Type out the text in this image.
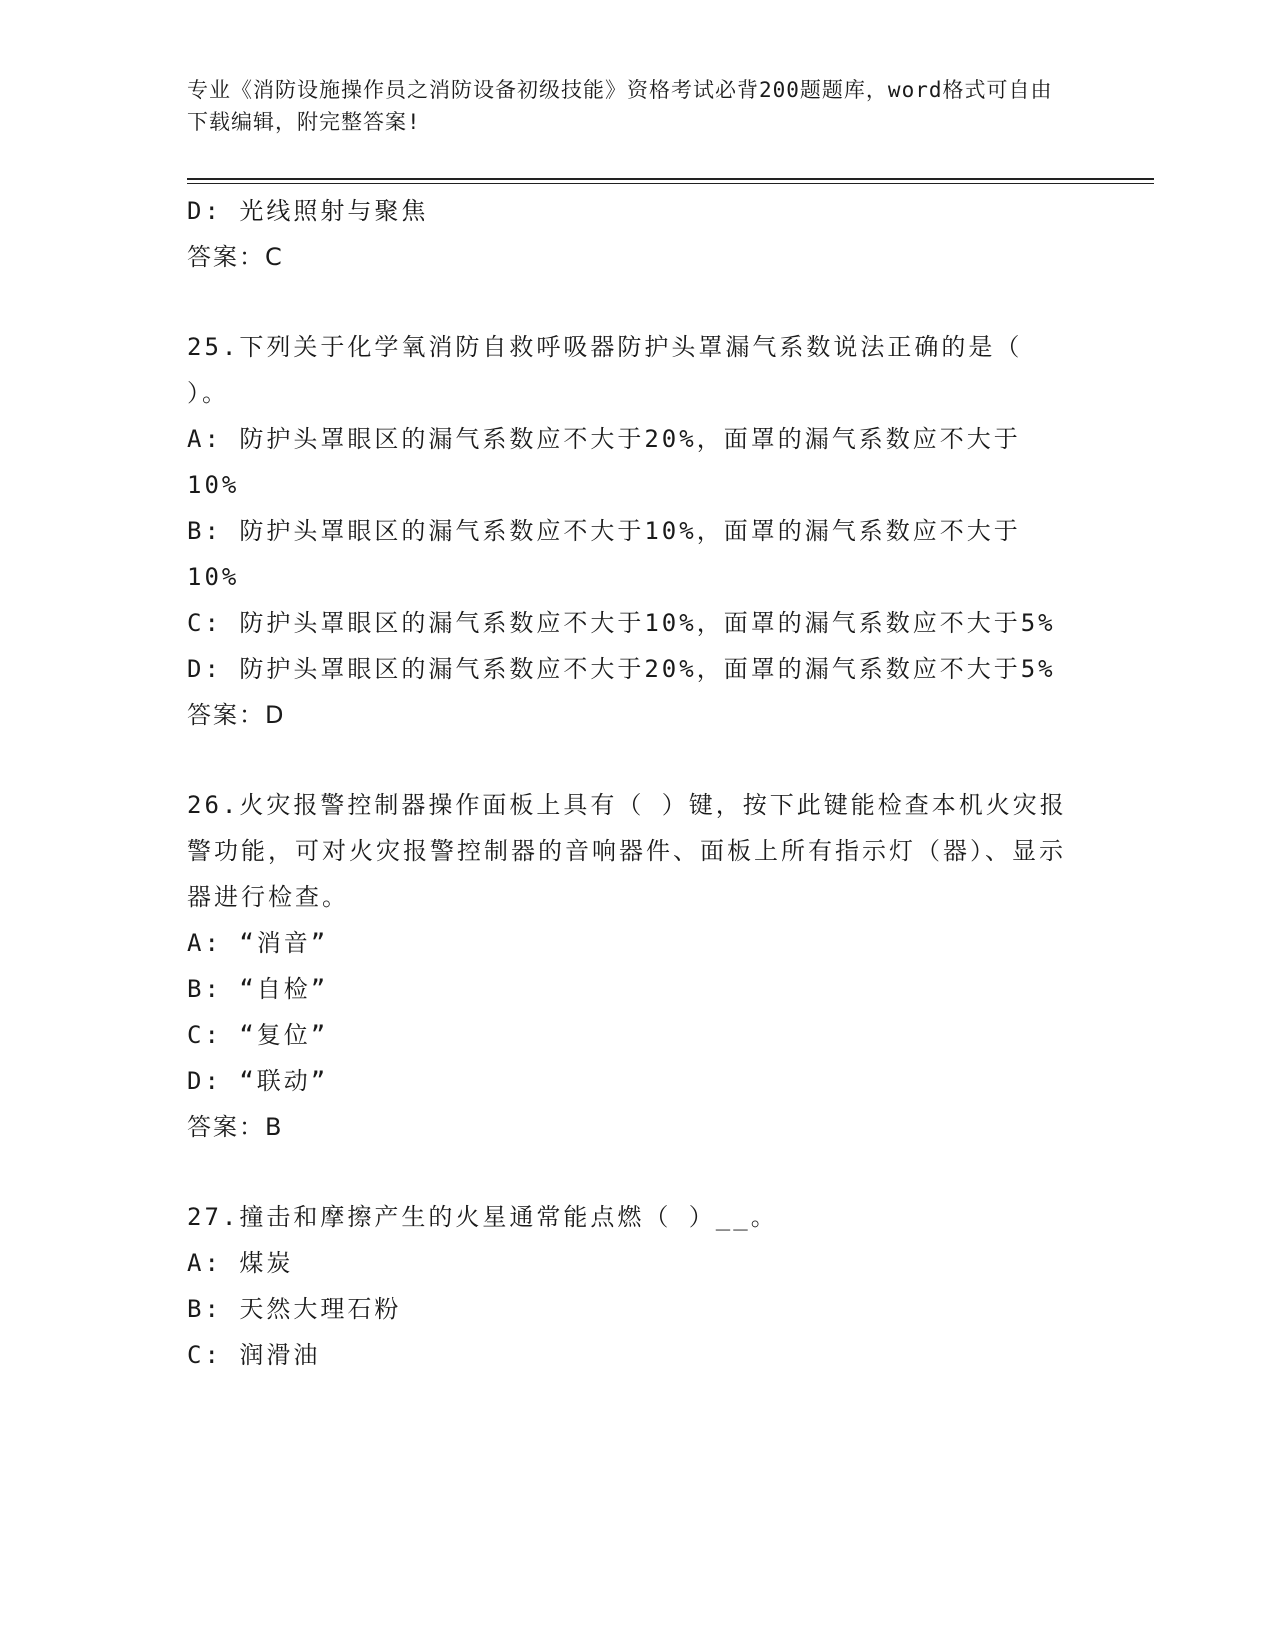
专业《消防设施操作员之消防设备初级技能》资格考试必背200题题库，word格式可自由下载编辑，附完整答案!

D: 光线照射与聚焦

答案：C

25.下列关于化学氧消防自救呼吸器防护头罩漏气系数说法正确的是（ ）。

A: 防护头罩眼区的漏气系数应不大于20%，面罩的漏气系数应不大于10%

B: 防护头罩眼区的漏气系数应不大于10%，面罩的漏气系数应不大于10%

C: 防护头罩眼区的漏气系数应不大于10%，面罩的漏气系数应不大于5%

D: 防护头罩眼区的漏气系数应不大于20%，面罩的漏气系数应不大于5%

答案：D

26.火灾报警控制器操作面板上具有（ ）键，按下此键能检查本机火灾报警功能，可对火灾报警控制器的音响器件、面板上所有指示灯（器）、显示器进行检查。

A: “消音”

B: “自检”

C: “复位”

D: “联动”

答案：B

27.撞击和摩擦产生的火星通常能点燃（ ）__。

A: 煤炭

B: 天然大理石粉

C: 润滑油
